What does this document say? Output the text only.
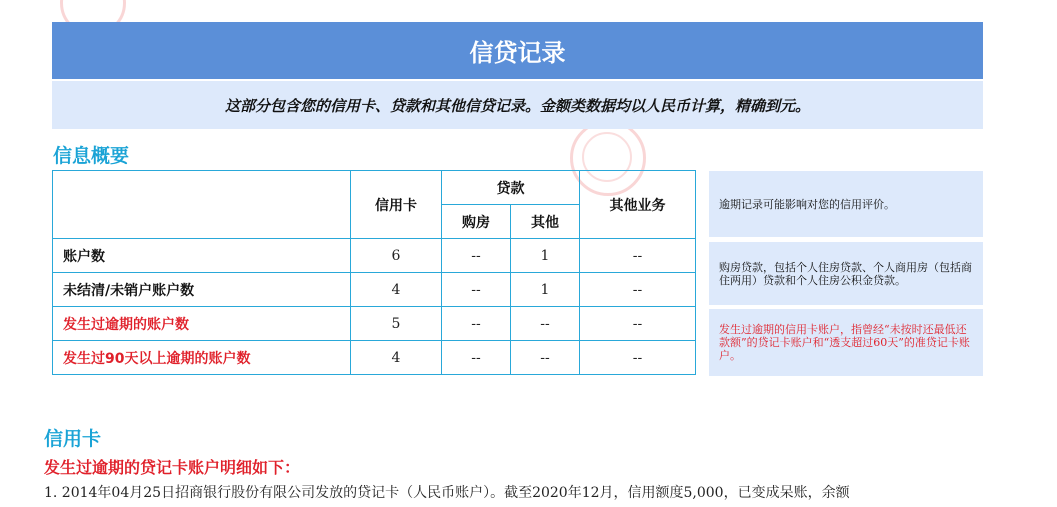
信贷记录
这部分包含您的信用卡、贷款和其他信贷记录。金额类数据均以人民币计算，精确到元。
信息概要
	信用卡	贷款		其他业务
		购房	其他	
账户数	6	--	1	--
未结清/未销户账户数	4	--	1	--
发生过逾期的账户数	5	--	--	--
发生过90天以上逾期的账户数	4	--	--	--
逾期记录可能影响对您的信用评价。
购房贷款，包括个人住房贷款、个人商用房（包括商住两用）贷款和个人住房公积金贷款。
发生过逾期的信用卡账户，指曾经“未按时还最低还款额”的贷记卡账户和“透支超过60天”的准贷记卡账户。
信用卡
发生过逾期的贷记卡账户明细如下：
1. 2014年04月25日招商银行股份有限公司发放的贷记卡（人民币账户）。截至2020年12月，信用额度5,000，已变成呆账，余额
